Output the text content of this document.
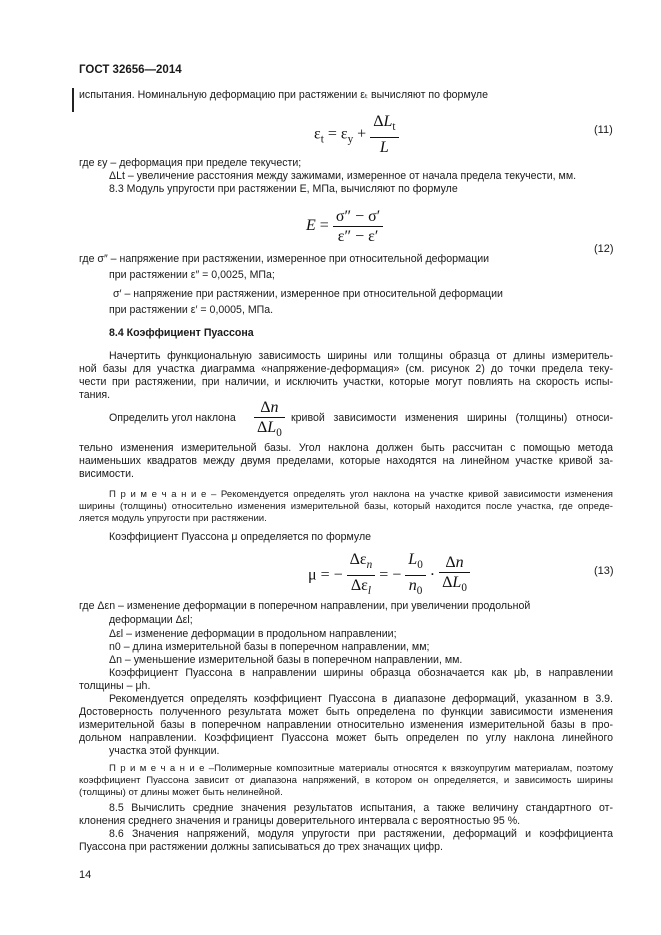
ГОСТ 32656—2014
испытания. Номинальную деформацию при растяжении εₜ вычисляют по формуле
$\varepsilon_t = \varepsilon_y + \frac{\Delta L_t}{L}$	(11)
где εy – деформация при пределе текучести;
ΔLt – увеличение расстояния между зажимами, измеренное от начала предела текучести, мм.
8.3 Модуль упругости при растяжении E, МПа, вычисляют по формуле
$E = \frac{\sigma'' - \sigma'}{\varepsilon'' - \varepsilon'}$
(12)
где σ″ – напряжение при растяжении, измеренное при относительной деформации
при растяжении ε″ = 0,0025, МПа;
σ′ – напряжение при растяжении, измеренное при относительной деформации
при растяжении ε′ = 0,0005, МПа.
8.4 Коэффициент Пуассона
Начертить функциональную зависимость ширины или толщины образца от длины измеритель-
ной базы для участка диаграмма «напряжение-деформация» (см. рисунок 2) до точки предела теку-
чести при растяжении, при наличии, и исключить участки, которые могут повлиять на скорость испы-
тания.
Определить угол наклона $\frac{\Delta n}{\Delta L_0}$ кривой зависимости изменения ширины (толщины) относи-
тельно изменения измерительной базы. Угол наклона должен быть рассчитан с помощью метода
наименьших квадратов между двумя пределами, которые находятся на линейном участке кривой за-
висимости.
П р и м е ч а н и е – Рекомендуется определять угол наклона на участке кривой зависимости изменения
ширины (толщины) относительно изменения измерительной базы, который находится после участка, где опреде-
ляется модуль упругости при растяжении.
Коэффициент Пуассона μ определяется по формуле
μ = − $\frac{\Delta\varepsilon_n}{\Delta\varepsilon_l}$ = − $\frac{L_0}{n_0} \cdot \frac{\Delta n}{\Delta L_0}$	(13)
где Δεn – изменение деформации в поперечном направлении, при увеличении продольной
деформации Δεl;
Δεl – изменение деформации в продольном направлении;
n0 – длина измерительной базы в поперечном направлении, мм;
Δn – уменьшение измерительной базы в поперечном направлении, мм.
Коэффициент Пуассона в направлении ширины образца обозначается как μb, в направлении
толщины – μh.
Рекомендуется определять коэффициент Пуассона в диапазоне деформаций, указанном в 3.9.
Достоверность полученного результата может быть определена по функции зависимости изменения
измерительной базы в поперечном направлении относительно изменения измерительной базы в про-
дольном направлении. Коэффициент Пуассона может быть определен по углу наклона линейного
участка этой функции.
П р и м е ч а н и е –Полимерные композитные материалы относятся к вязкоупругим материалам, поэтому
коэффициент Пуассона зависит от диапазона напряжений, в котором он определяется, и зависимость ширины
(толщины) от длины может быть нелинейной.
8.5 Вычислить средние значения результатов испытания, а также величину стандартного от-
клонения среднего значения и границы доверительного интервала с вероятностью 95 %.
8.6 Значения напряжений, модуля упругости при растяжении, деформаций и коэффициента
Пуассона при растяжении должны записываться до трех значащих цифр.
14
